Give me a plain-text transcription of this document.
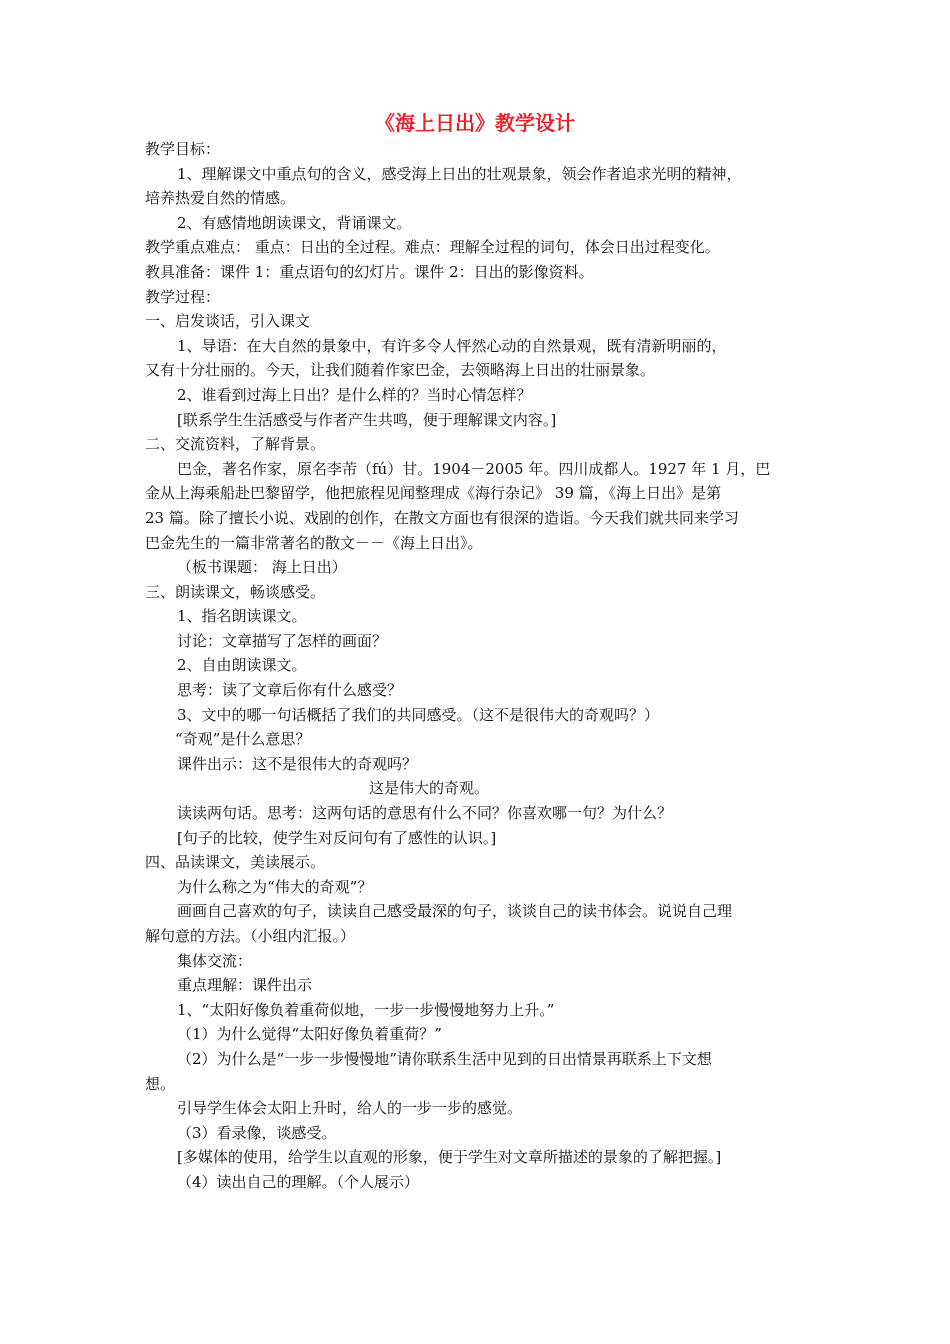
《海上日出》教学设计
教学目标：
1、理解课文中重点句的含义，感受海上日出的壮观景象，领会作者追求光明的精神，
培养热爱自然的情感。
2、有感情地朗读课文，背诵课文。
教学重点难点： 重点：日出的全过程。难点：理解全过程的词句，体会日出过程变化。
教具准备：课件 1：重点语句的幻灯片。课件 2：日出的影像资料。
教学过程：
一、启发谈话，引入课文
1、导语：在大自然的景象中，有许多令人怦然心动的自然景观，既有清新明丽的，
又有十分壮丽的。今天，让我们随着作家巴金，去领略海上日出的壮丽景象。
2、谁看到过海上日出？是什么样的？当时心情怎样？
[联系学生生活感受与作者产生共鸣，便于理解课文内容。]
二、交流资料，了解背景。
巴金，著名作家，原名李芾（fú）甘。1904－2005 年。四川成都人。1927 年 1 月，巴
金从上海乘船赴巴黎留学，他把旅程见闻整理成《海行杂记》 39 篇，《海上日出》是第
23 篇。除了擅长小说、戏剧的创作，在散文方面也有很深的造诣。今天我们就共同来学习
巴金先生的一篇非常著名的散文－－《海上日出》。
（板书课题： 海上日出）
三、朗读课文，畅谈感受。
1、指名朗读课文。
讨论：文章描写了怎样的画面？
2、自由朗读课文。
思考：读了文章后你有什么感受？
3、文中的哪一句话概括了我们的共同感受。（这不是很伟大的奇观吗？）
“奇观”是什么意思？
课件出示：这不是很伟大的奇观吗？
这是伟大的奇观。
读读两句话。思考：这两句话的意思有什么不同？你喜欢哪一句？为什么？
[句子的比较，使学生对反问句有了感性的认识。]
四、品读课文，美读展示。
为什么称之为“伟大的奇观”？
画画自己喜欢的句子，读读自己感受最深的句子，谈谈自己的读书体会。说说自己理
解句意的方法。（小组内汇报。）
集体交流：
重点理解：课件出示
1、“太阳好像负着重荷似地，一步一步慢慢地努力上升。”
（1）为什么觉得“太阳好像负着重荷？”
（2）为什么是“一步一步慢慢地”请你联系生活中见到的日出情景再联系上下文想
想。
引导学生体会太阳上升时，给人的一步一步的感觉。
（3）看录像，谈感受。
[多媒体的使用，给学生以直观的形象，便于学生对文章所描述的景象的了解把握。]
（4）读出自己的理解。（个人展示）
